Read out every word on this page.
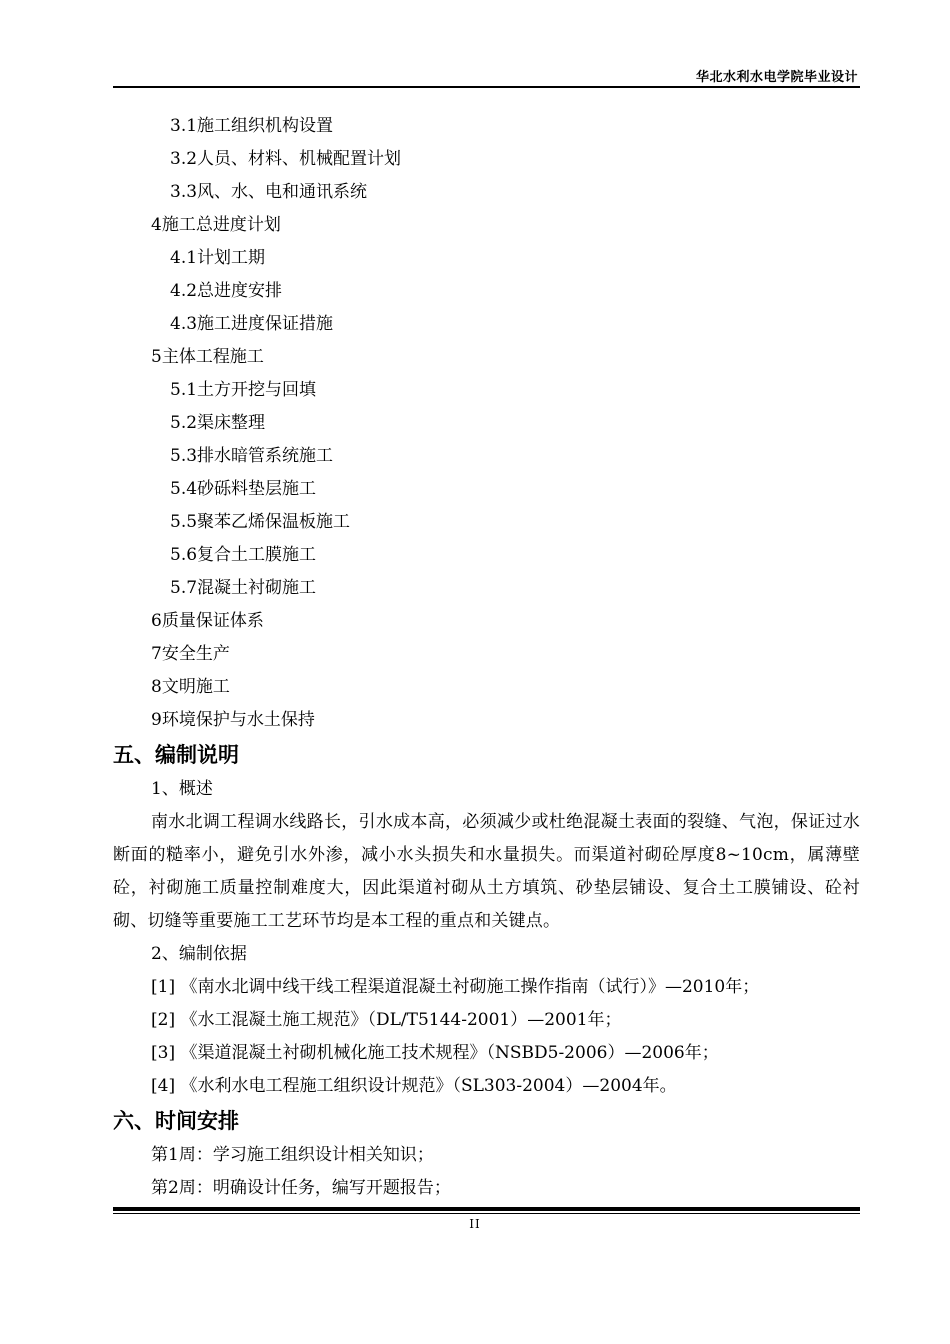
华北水利水电学院毕业设计
3.1施工组织机构设置
3.2人员、材料、机械配置计划
3.3风、水、电和通讯系统
4施工总进度计划
4.1计划工期
4.2总进度安排
4.3施工进度保证措施
5主体工程施工
5.1土方开挖与回填
5.2渠床整理
5.3排水暗管系统施工
5.4砂砾料垫层施工
5.5聚苯乙烯保温板施工
5.6复合土工膜施工
5.7混凝土衬砌施工
6质量保证体系
7安全生产
8文明施工
9环境保护与水土保持
五、编制说明
1、概述
南水北调工程调水线路长，引水成本高，必须减少或杜绝混凝土表面的裂缝、气泡，保证过水断面的糙率小，避免引水外渗，减小水头损失和水量损失。而渠道衬砌砼厚度8~10cm，属薄壁砼，衬砌施工质量控制难度大，因此渠道衬砌从土方填筑、砂垫层铺设、复合土工膜铺设、砼衬砌、切缝等重要施工工艺环节均是本工程的重点和关键点。
2、编制依据
[1] 《南水北调中线干线工程渠道混凝土衬砌施工操作指南（试行）》—2010年；
[2] 《水工混凝土施工规范》（DL/T5144-2001）—2001年；
[3] 《渠道混凝土衬砌机械化施工技术规程》（NSBD5-2006）—2006年；
[4] 《水利水电工程施工组织设计规范》（SL303-2004）—2004年。
六、时间安排
第1周：学习施工组织设计相关知识；
第2周：明确设计任务，编写开题报告；
II
